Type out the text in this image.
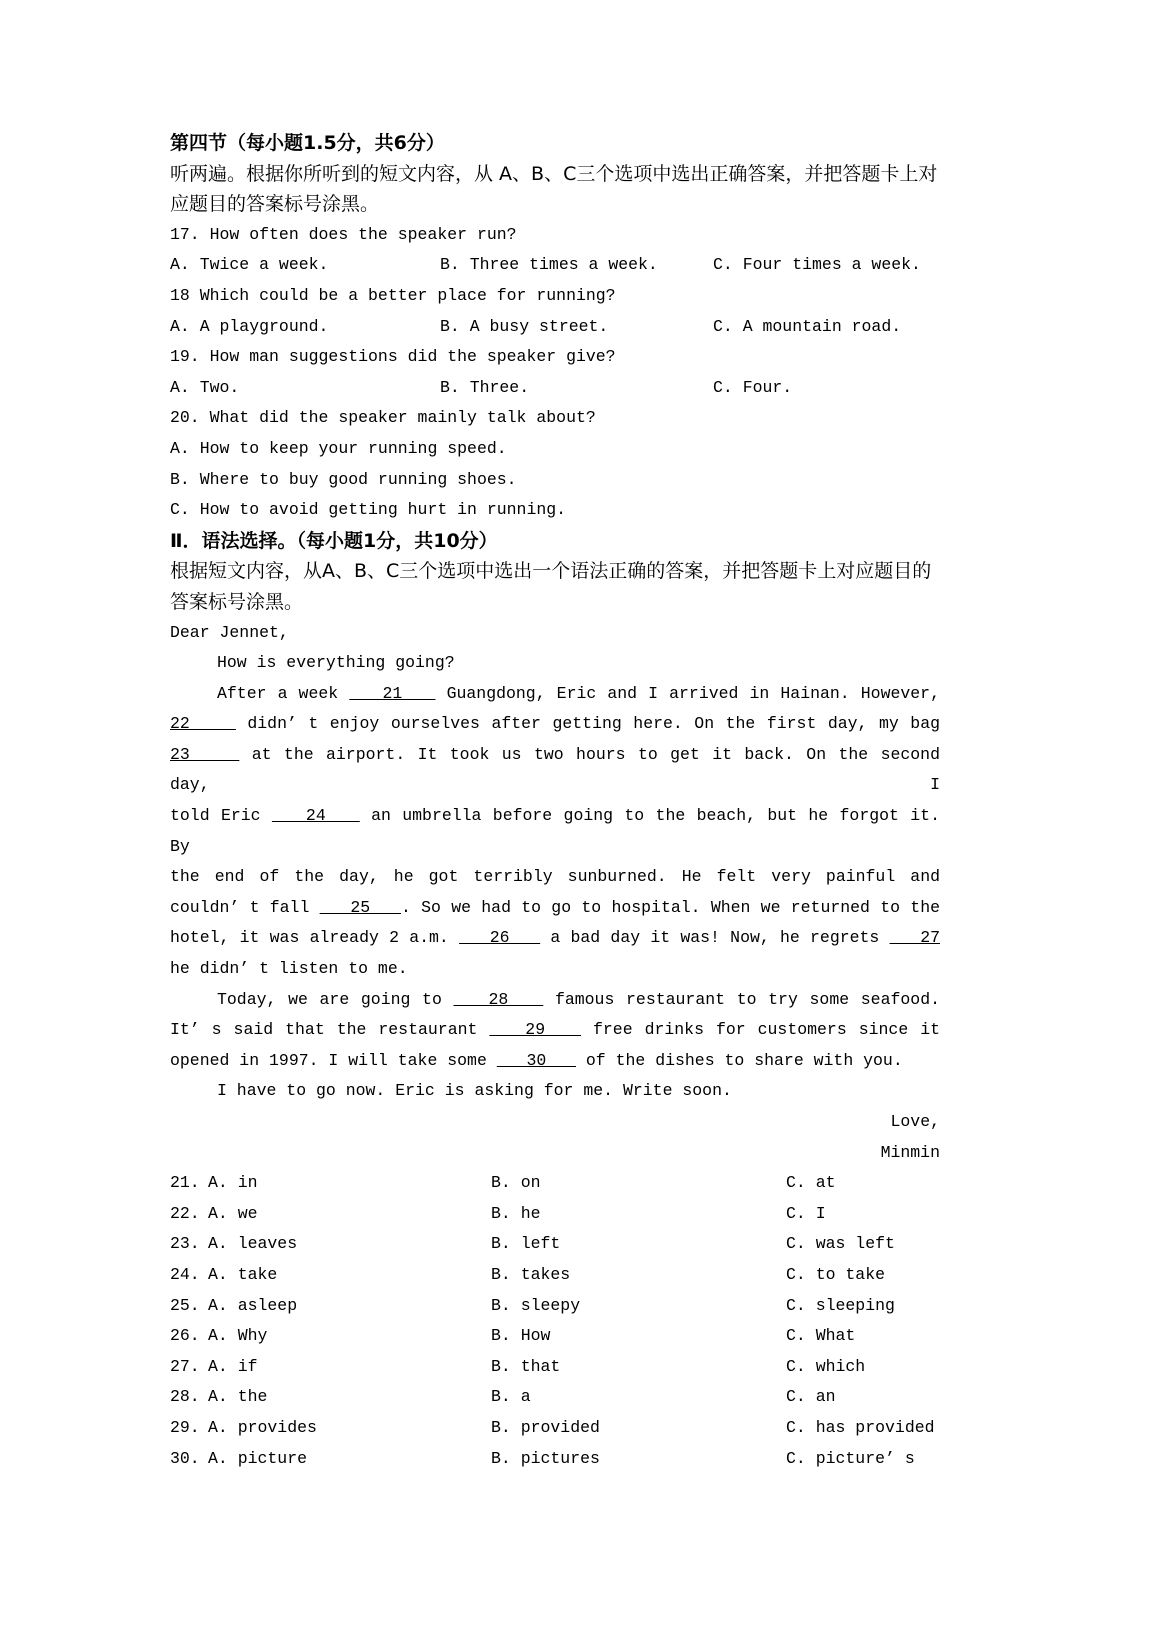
第四节（每小题1.5分，共6分）
听两遍。根据你所听到的短文内容，从 A、B、C三个选项中选出正确答案，并把答题卡上对
应题目的答案标号涂黑。
17. How often does the speaker run?
A. Twice a week.	B. Three times a week.	C. Four times a week.
18 Which could be a better place for running?
A. A playground.	B. A busy street.	C. A mountain road.
19. How man suggestions did the speaker give?
A. Two.	B. Three.	C. Four.
20. What did the speaker mainly talk about?
A. How to keep your running speed.
B. Where to buy good running shoes.
C. How to avoid getting hurt in running.
Ⅱ．语法选择。（每小题1分，共10分）
根据短文内容，从A、B、C三个选项中选出一个语法正确的答案，并把答题卡上对应题目的
答案标号涂黑。
Dear Jennet,
How is everything going?
After a week    21    Guangdong, Eric and I arrived in Hainan. However,
22     didn’ t enjoy ourselves after getting here. On the first day, my bag
23     at the airport. It took us two hours to get it back. On the second day, I
told Eric    24    an umbrella before going to the beach, but he forgot it. By
the end of the day, he got terribly sunburned. He felt very painful and
couldn’ t fall    25   . So we had to go to hospital. When we returned to the
hotel, it was already 2 a.m.    26    a bad day it was! Now, he regrets    27
he didn’ t listen to me.
Today, we are going to    28    famous restaurant to try some seafood.
It’ s said that the restaurant    29    free drinks for customers since it
opened in 1997. I will take some    30    of the dishes to share with you.
I have to go now. Eric is asking for me. Write soon.
Love,
Minmin
21. A. in	B. on	C. at
22. A. we	B. he	C. I
23. A. leaves	B. left	C. was left
24. A. take	B. takes	C. to take
25. A. asleep	B. sleepy	C. sleeping
26. A. Why	B. How	C. What
27. A. if	B. that	C. which
28. A. the	B. a	C. an
29. A. provides	B. provided	C. has provided
30. A. picture	B. pictures	C. picture’ s
